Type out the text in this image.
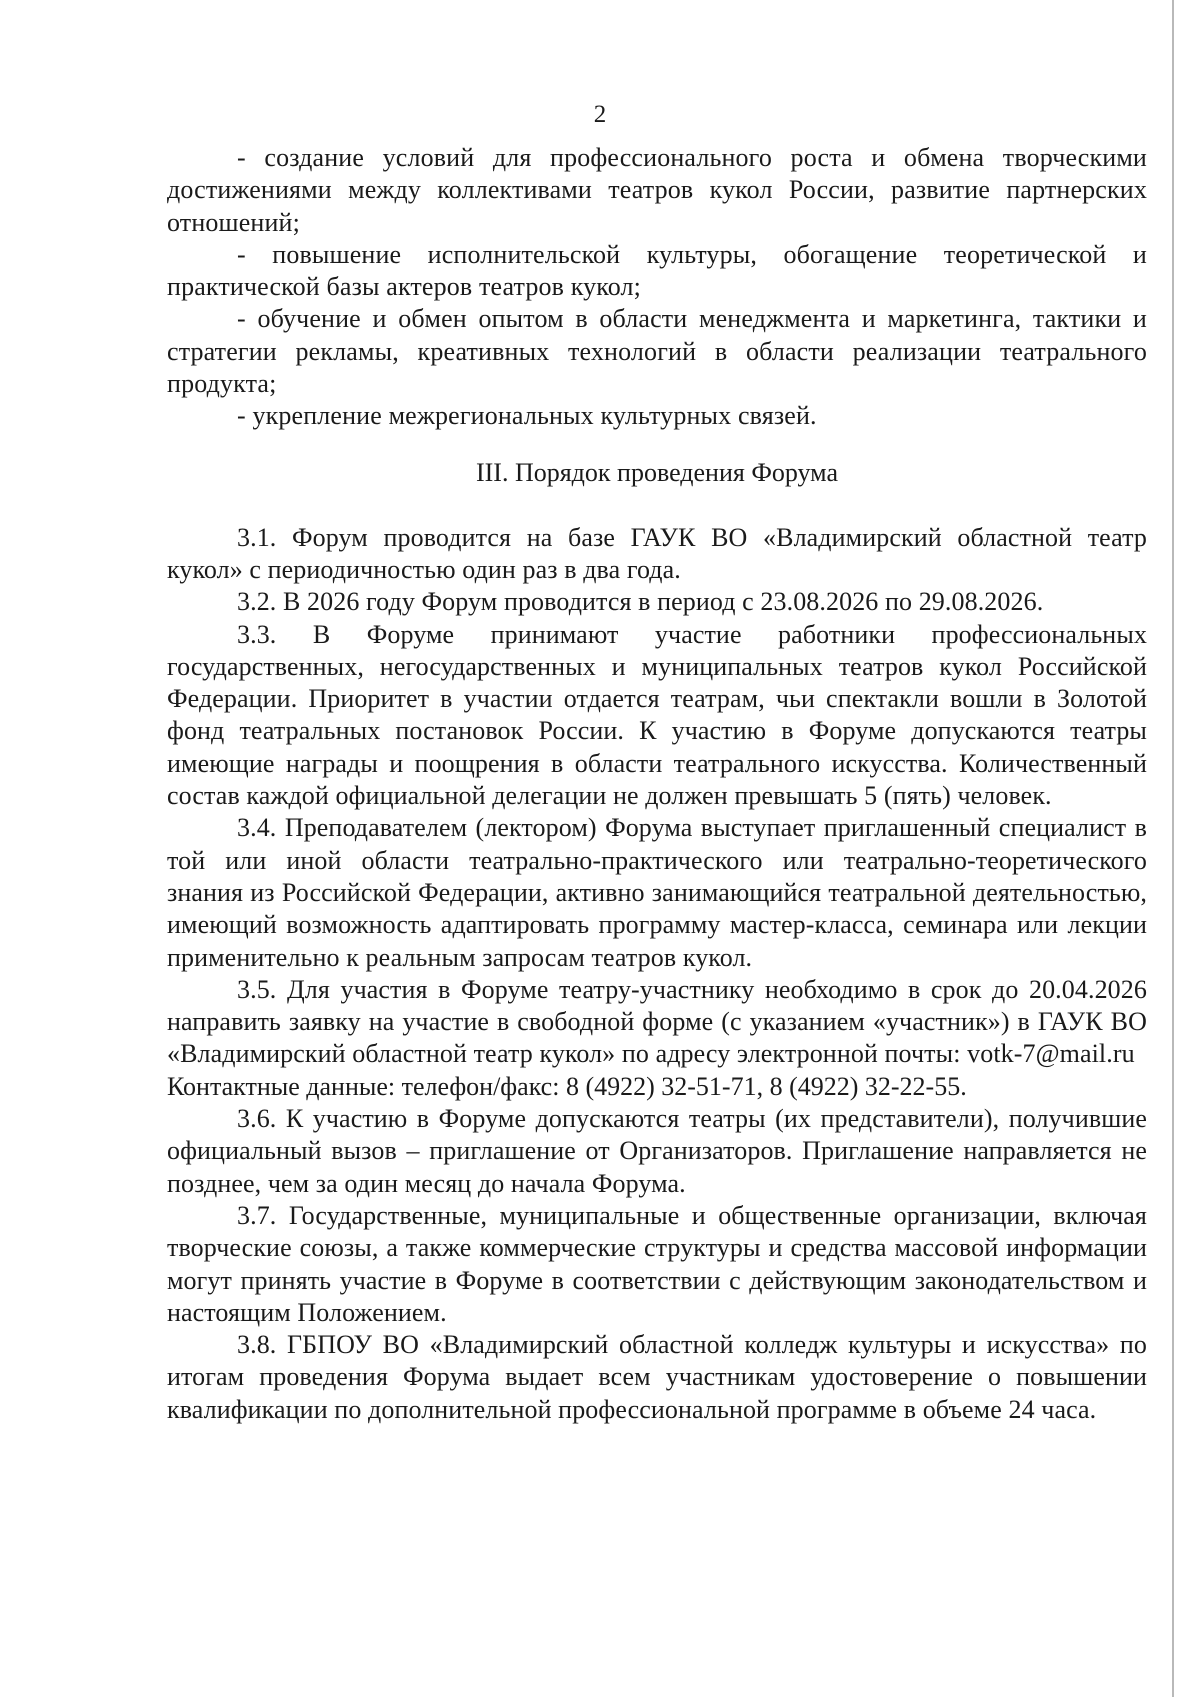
2

- создание условий для профессионального роста и обмена творческими достижениями между коллективами театров кукол России, развитие партнерских отношений;

- повышение исполнительской культуры, обогащение теоретической и практической базы актеров театров кукол;

- обучение и обмен опытом в области менеджмента и маркетинга, тактики и стратегии рекламы, креативных технологий в области реализации театрального продукта;

- укрепление межрегиональных культурных связей.

III. Порядок проведения Форума

3.1. Форум проводится на базе ГАУК ВО «Владимирский областной театр кукол» с периодичностью один раз в два года.

3.2. В 2026 году Форум проводится в период с 23.08.2026 по 29.08.2026.

3.3. В Форуме принимают участие работники профессиональных государственных, негосударственных и муниципальных театров кукол Российской Федерации. Приоритет в участии отдается театрам, чьи спектакли вошли в Золотой фонд театральных постановок России. К участию в Форуме допускаются театры имеющие награды и поощрения в области театрального искусства. Количественный состав каждой официальной делегации не должен превышать 5 (пять) человек.

3.4. Преподавателем (лектором) Форума выступает приглашенный специалист в той или иной области театрально-практического или театрально-теоретического знания из Российской Федерации, активно занимающийся театральной деятельностью, имеющий возможность адаптировать программу мастер-класса, семинара или лекции применительно к реальным запросам театров кукол.

3.5. Для участия в Форуме театру-участнику необходимо в срок до 20.04.2026 направить заявку на участие в свободной форме (с указанием «участник») в ГАУК ВО «Владимирский областной театр кукол» по адресу электронной почты: votk-7@mail.ru

Контактные данные: телефон/факс: 8 (4922) 32-51-71, 8 (4922) 32-22-55.

3.6. К участию в Форуме допускаются театры (их представители), получившие официальный вызов – приглашение от Организаторов. Приглашение направляется не позднее, чем за один месяц до начала Форума.

3.7. Государственные, муниципальные и общественные организации, включая творческие союзы, а также коммерческие структуры и средства массовой информации могут принять участие в Форуме в соответствии с действующим законодательством и настоящим Положением.

3.8. ГБПОУ ВО «Владимирский областной колледж культуры и искусства» по итогам проведения Форума выдает всем участникам удостоверение о повышении квалификации по дополнительной профессиональной программе в объеме 24 часа.
